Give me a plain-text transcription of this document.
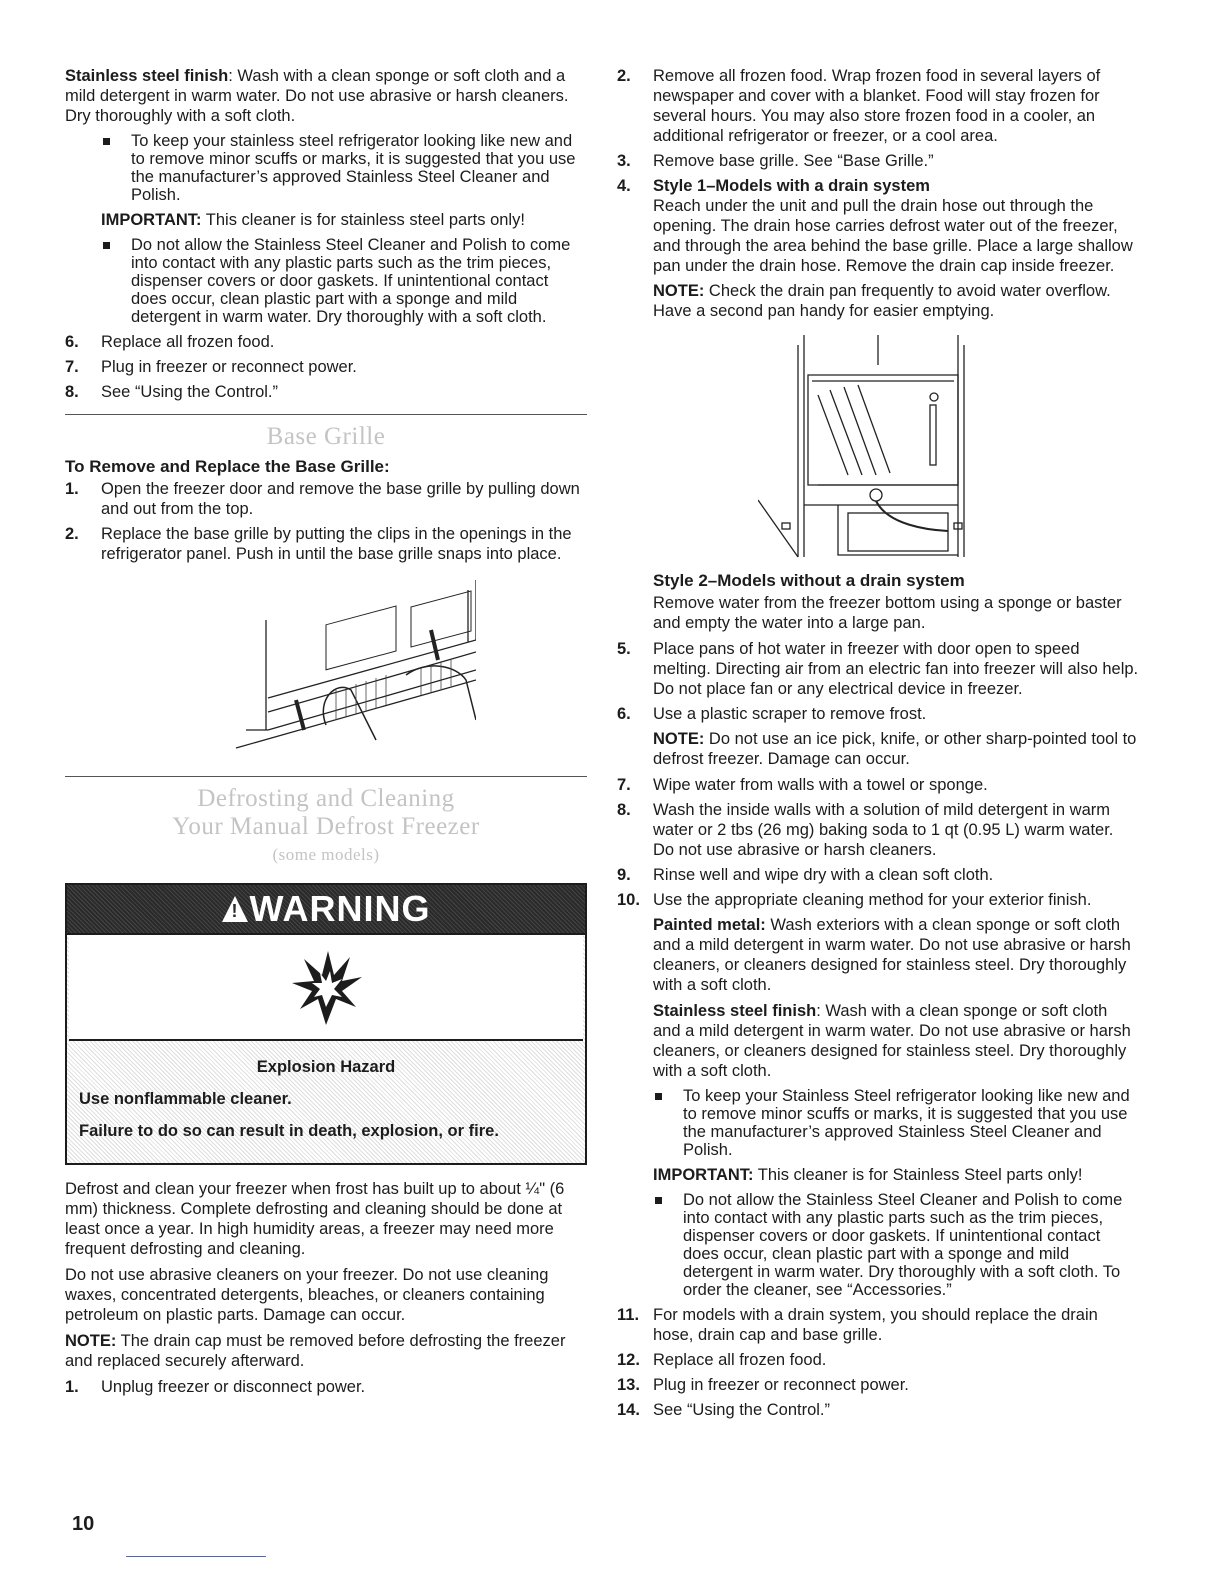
Stainless steel finish: Wash with a clean sponge or soft cloth and a mild detergent in warm water. Do not use abrasive or harsh cleaners. Dry thoroughly with a soft cloth.

To keep your stainless steel refrigerator looking like new and to remove minor scuffs or marks, it is suggested that you use the manufacturer’s approved Stainless Steel Cleaner and Polish.

IMPORTANT: This cleaner is for stainless steel parts only!

Do not allow the Stainless Steel Cleaner and Polish to come into contact with any plastic parts such as the trim pieces, dispenser covers or door gaskets. If unintentional contact does occur, clean plastic part with a sponge and mild detergent in warm water. Dry thoroughly with a soft cloth.
6. Replace all frozen food.
7. Plug in freezer or reconnect power.
8. See “Using the Control.”
Base Grille
To Remove and Replace the Base Grille:
1. Open the freezer door and remove the base grille by pulling down and out from the top.
2. Replace the base grille by putting the clips in the openings in the refrigerator panel. Push in until the base grille snaps into place.
Defrosting and Cleaning
Your Manual Defrost Freezer
(some models)
! WARNING
Explosion Hazard

Use nonflammable cleaner.

Failure to do so can result in death, explosion, or fire.

Defrost and clean your freezer when frost has built up to about ¼" (6 mm) thickness. Complete defrosting and cleaning should be done at least once a year. In high humidity areas, a freezer may need more frequent defrosting and cleaning.

Do not use abrasive cleaners on your freezer. Do not use cleaning waxes, concentrated detergents, bleaches, or cleaners containing petroleum on plastic parts. Damage can occur.

NOTE: The drain cap must be removed before defrosting the freezer and replaced securely afterward.

1. Unplug freezer or disconnect power.
2. Remove all frozen food. Wrap frozen food in several layers of newspaper and cover with a blanket. Food will stay frozen for several hours. You may also store frozen food in a cooler, an additional refrigerator or freezer, or a cool area.
3. Remove base grille. See “Base Grille.”
4. Style 1–Models with a drain system
Reach under the unit and pull the drain hose out through the opening. The drain hose carries defrost water out of the freezer, and through the area behind the base grille. Place a large shallow pan under the drain hose. Remove the drain cap inside freezer.

NOTE: Check the drain pan frequently to avoid water overflow. Have a second pan handy for easier emptying.

Style 2–Models without a drain system

Remove water from the freezer bottom using a sponge or baster and empty the water into a large pan.

5. Place pans of hot water in freezer with door open to speed melting. Directing air from an electric fan into freezer will also help. Do not place fan or any electrical device in freezer.
6. Use a plastic scraper to remove frost.

NOTE: Do not use an ice pick, knife, or other sharp-pointed tool to defrost freezer. Damage can occur.

7. Wipe water from walls with a towel or sponge.
8. Wash the inside walls with a solution of mild detergent in warm water or 2 tbs (26 mg) baking soda to 1 qt (0.95 L) warm water. Do not use abrasive or harsh cleaners.
9. Rinse well and wipe dry with a clean soft cloth.
10. Use the appropriate cleaning method for your exterior finish.

Painted metal: Wash exteriors with a clean sponge or soft cloth and a mild detergent in warm water. Do not use abrasive or harsh cleaners, or cleaners designed for stainless steel. Dry thoroughly with a soft cloth.

Stainless steel finish: Wash with a clean sponge or soft cloth and a mild detergent in warm water. Do not use abrasive or harsh cleaners, or cleaners designed for stainless steel. Dry thoroughly with a soft cloth.

To keep your Stainless Steel refrigerator looking like new and to remove minor scuffs or marks, it is suggested that you use the manufacturer’s approved Stainless Steel Cleaner and Polish.

IMPORTANT: This cleaner is for Stainless Steel parts only!

Do not allow the Stainless Steel Cleaner and Polish to come into contact with any plastic parts such as the trim pieces, dispenser covers or door gaskets. If unintentional contact does occur, clean plastic part with a sponge and mild detergent in warm water. Dry thoroughly with a soft cloth. To order the cleaner, see “Accessories.”
11. For models with a drain system, you should replace the drain hose, drain cap and base grille.
12. Replace all frozen food.
13. Plug in freezer or reconnect power.
14. See “Using the Control.”
10
